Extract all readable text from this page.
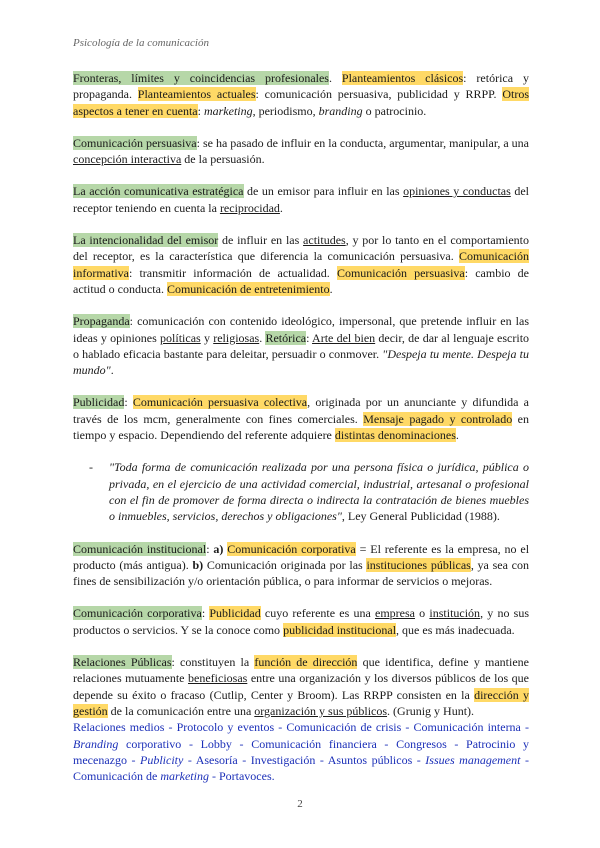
Psicología de la comunicación

Fronteras, límites y coincidencias profesionales. Planteamientos clásicos: retórica y propaganda. Planteamientos actuales: comunicación persuasiva, publicidad y RRPP. Otros aspectos a tener en cuenta: marketing, periodismo, branding o patrocinio.

Comunicación persuasiva: se ha pasado de influir en la conducta, argumentar, manipular, a una concepción interactiva de la persuasión.

La acción comunicativa estratégica de un emisor para influir en las opiniones y conductas del receptor teniendo en cuenta la reciprocidad.

La intencionalidad del emisor de influir en las actitudes, y por lo tanto en el comportamiento del receptor, es la característica que diferencia la comunicación persuasiva. Comunicación informativa: transmitir información de actualidad. Comunicación persuasiva: cambio de actitud o conducta. Comunicación de entretenimiento.

Propaganda: comunicación con contenido ideológico, impersonal, que pretende influir en las ideas y opiniones políticas y religiosas. Retórica: Arte del bien decir, de dar al lenguaje escrito o hablado eficacia bastante para deleitar, persuadir o conmover. "Despeja tu mente. Despeja tu mundo".

Publicidad: Comunicación persuasiva colectiva, originada por un anunciante y difundida a través de los mcm, generalmente con fines comerciales. Mensaje pagado y controlado en tiempo y espacio. Dependiendo del referente adquiere distintas denominaciones.

- "Toda forma de comunicación realizada por una persona física o jurídica, pública o privada, en el ejercicio de una actividad comercial, industrial, artesanal o profesional con el fin de promover de forma directa o indirecta la contratación de bienes muebles o inmuebles, servicios, derechos y obligaciones", Ley General Publicidad (1988).

Comunicación institucional: a) Comunicación corporativa = El referente es la empresa, no el producto (más antigua). b) Comunicación originada por las instituciones públicas, ya sea con fines de sensibilización y/o orientación pública, o para informar de servicios o mejoras.

Comunicación corporativa: Publicidad cuyo referente es una empresa o institución, y no sus productos o servicios. Y se la conoce como publicidad institucional, que es más inadecuada.

Relaciones Públicas: constituyen la función de dirección que identifica, define y mantiene relaciones mutuamente beneficiosas entre una organización y los diversos públicos de los que depende su éxito o fracaso (Cutlip, Center y Broom). Las RRPP consisten en la dirección y gestión de la comunicación entre una organización y sus públicos. (Grunig y Hunt).

Relaciones medios - Protocolo y eventos - Comunicación de crisis - Comunicación interna - Branding corporativo - Lobby - Comunicación financiera - Congresos - Patrocinio y mecenazgo - Publicity - Asesoría - Investigación - Asuntos públicos - Issues management - Comunicación de marketing - Portavoces.

2
